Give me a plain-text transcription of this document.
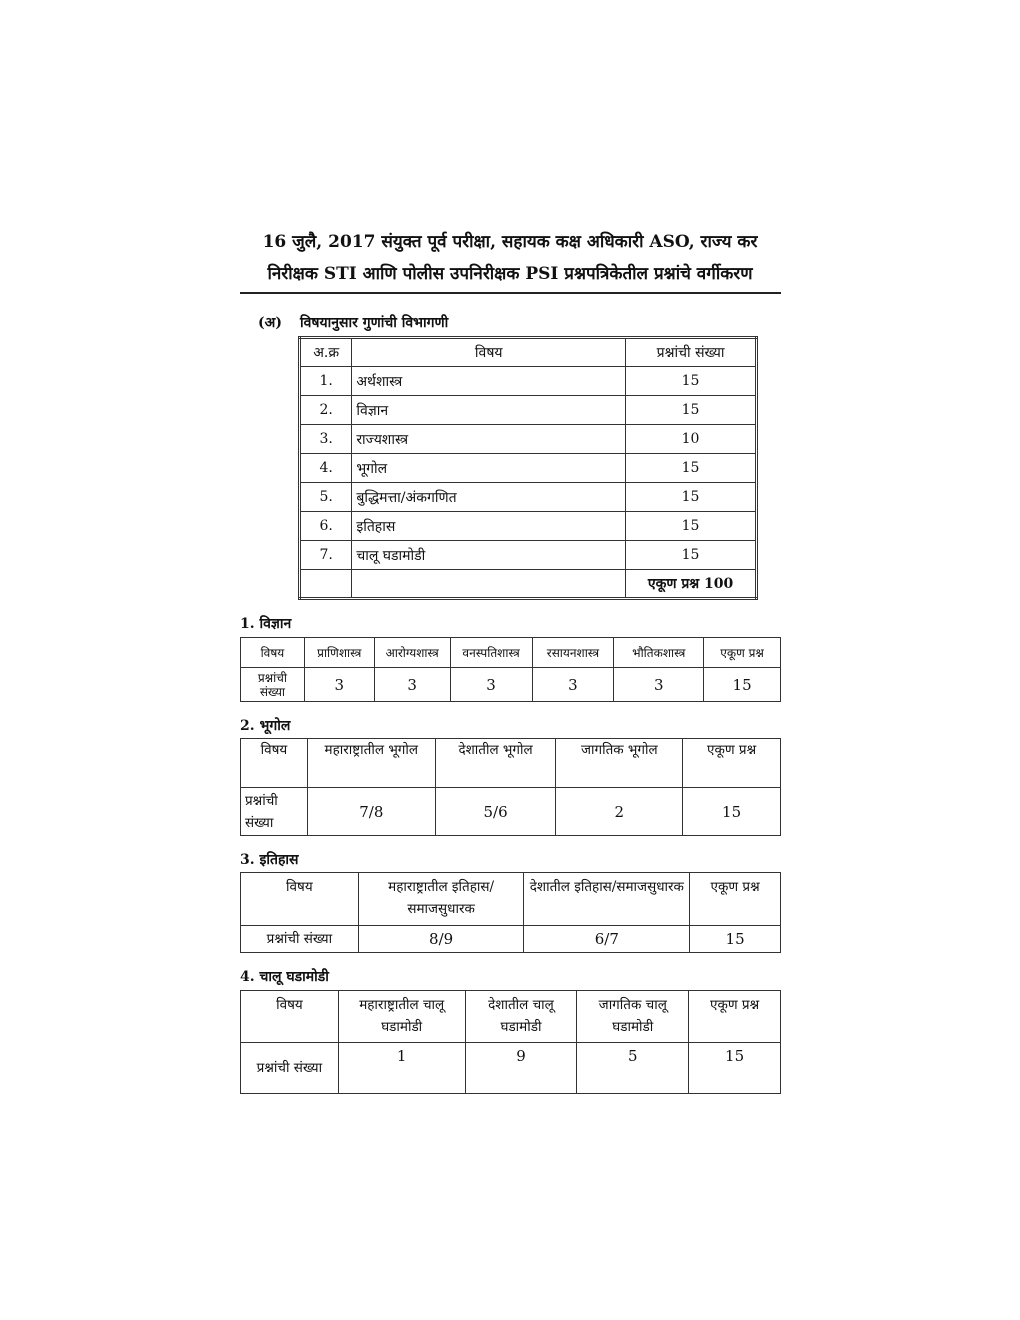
16 जुलै, 2017 संयुक्त पूर्व परीक्षा, सहायक कक्ष अधिकारी ASO, राज्य कर
निरीक्षक STI आणि पोलीस उपनिरीक्षक PSI प्रश्नपत्रिकेतील प्रश्नांचे वर्गीकरण
(अ) विषयानुसार गुणांची विभागणी
अ.क्र	विषय	प्रश्नांची संख्या
1.	अर्थशास्त्र	15
2.	विज्ञान	15
3.	राज्यशास्त्र	10
4.	भूगोल	15
5.	बुद्धिमत्ता/अंकगणित	15
6.	इतिहास	15
7.	चालू घडामोडी	15
		एकूण प्रश्न 100
1. विज्ञान
विषय	प्राणिशास्त्र	आरोग्यशास्त्र	वनस्पतिशास्त्र	रसायनशास्त्र	भौतिकशास्त्र	एकूण प्रश्न
प्रश्नांची संख्या	3	3	3	3	3	15
2. भूगोल
विषय	महाराष्ट्रातील भूगोल	देशातील भूगोल	जागतिक भूगोल	एकूण प्रश्न
प्रश्नांची संख्या	7/8	5/6	2	15
3. इतिहास
विषय	महाराष्ट्रातील इतिहास/समाजसुधारक	देशातील इतिहास/समाजसुधारक	एकूण प्रश्न
प्रश्नांची संख्या	8/9	6/7	15
4. चालू घडामोडी
विषय	महाराष्ट्रातील चालू घडामोडी	देशातील चालू घडामोडी	जागतिक चालू घडामोडी	एकूण प्रश्न
प्रश्नांची संख्या	1	9	5	15
